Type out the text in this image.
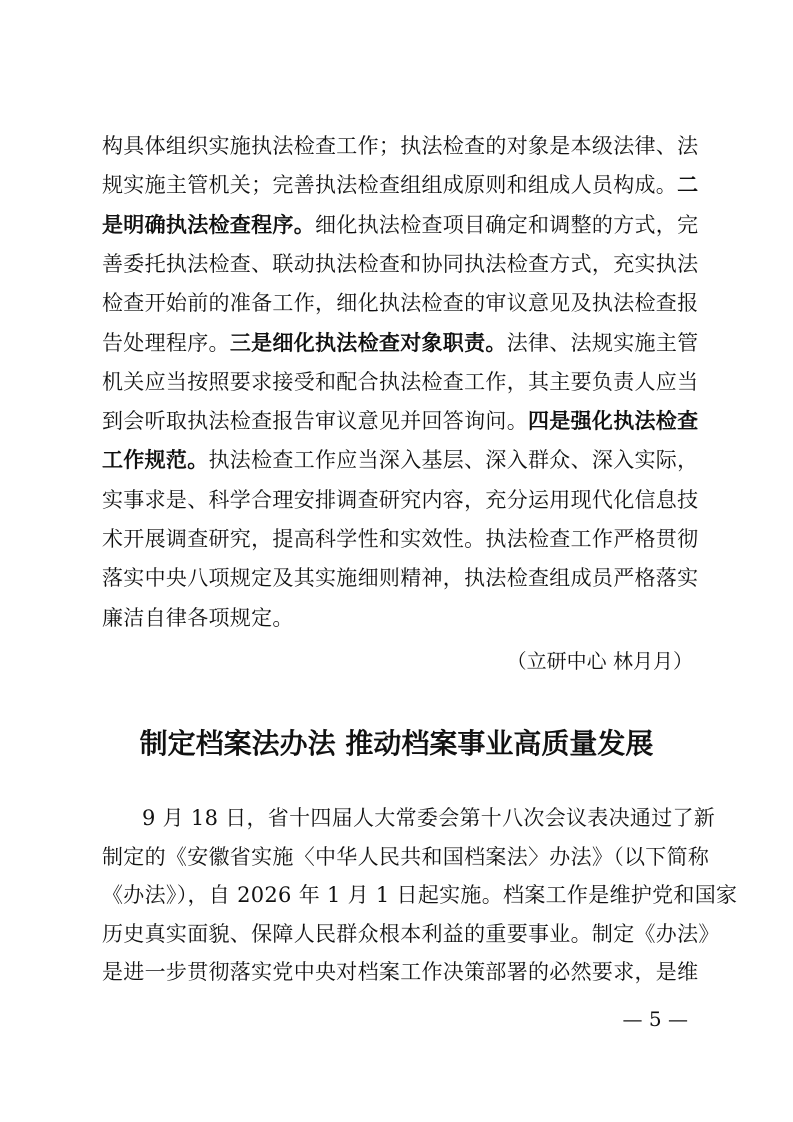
构具体组织实施执法检查工作；执法检查的对象是本级法律、法
规实施主管机关；完善执法检查组组成原则和组成人员构成。二
是明确执法检查程序。细化执法检查项目确定和调整的方式，完
善委托执法检查、联动执法检查和协同执法检查方式，充实执法
检查开始前的准备工作，细化执法检查的审议意见及执法检查报
告处理程序。三是细化执法检查对象职责。法律、法规实施主管
机关应当按照要求接受和配合执法检查工作，其主要负责人应当
到会听取执法检查报告审议意见并回答询问。四是强化执法检查
工作规范。执法检查工作应当深入基层、深入群众、深入实际，
实事求是、科学合理安排调查研究内容，充分运用现代化信息技
术开展调查研究，提高科学性和实效性。执法检查工作严格贯彻
落实中央八项规定及其实施细则精神，执法检查组成员严格落实
廉洁自律各项规定。
（立研中心 林月月）
制定档案法办法 推动档案事业高质量发展
9 月 18 日，省十四届人大常委会第十八次会议表决通过了新
制定的《安徽省实施〈中华人民共和国档案法〉办法》（以下简称
《办法》），自 2026 年 1 月 1 日起实施。档案工作是维护党和国家
历史真实面貌、保障人民群众根本利益的重要事业。制定《办法》
是进一步贯彻落实党中央对档案工作决策部署的必然要求，是维
— 5 —
